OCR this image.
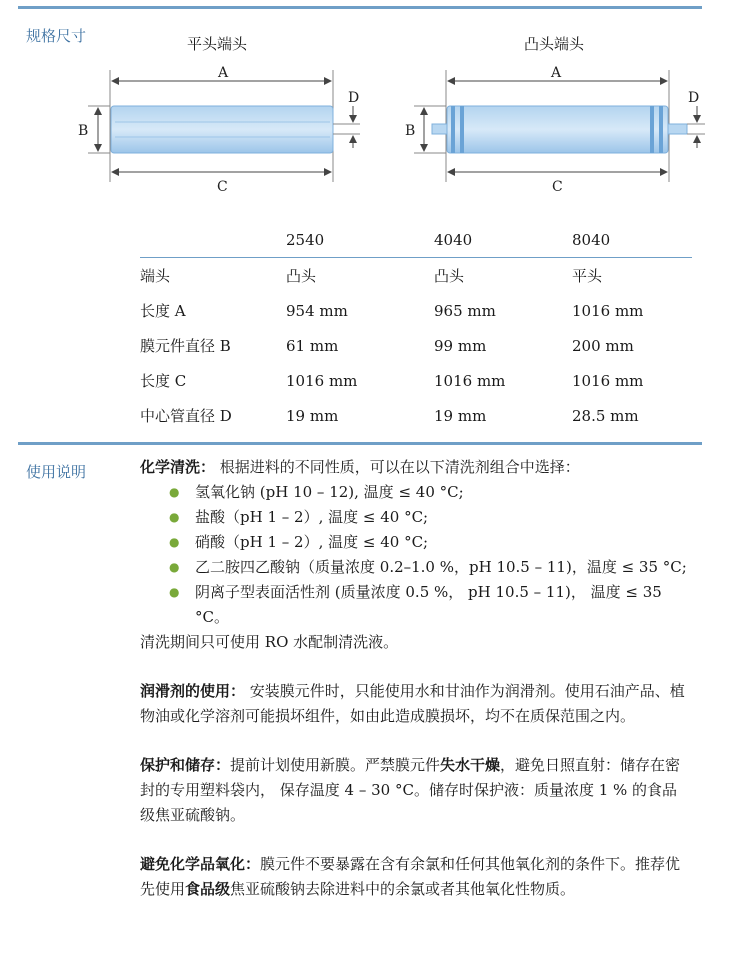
规格尺寸	平头端头	凸头端头
A
B
C
D
A
B
C
D
	2540	4040	8040
端头	凸头	凸头	平头
长度 A	954 mm	965 mm	1016 mm
膜元件直径 B	61 mm	99 mm	200 mm
长度 C	1016 mm	1016 mm	1016 mm
中心管直径 D	19 mm	19 mm	28.5 mm
使用说明	化学清洗： 根据进料的不同性质，可以在以下清洗剂组合中选择：

● 氢氧化钠 (pH 10 – 12), 温度 ≤ 40 °C;
● 盐酸（pH 1 – 2）, 温度 ≤ 40 °C;
● 硝酸（pH 1 – 2）, 温度 ≤ 40 °C;
● 乙二胺四乙酸钠（质量浓度 0.2–1.0 %，pH 10.5 – 11)，温度 ≤ 35 °C;
● 阴离子型表面活性剂 (质量浓度 0.5 %， pH 10.5 – 11)， 温度 ≤ 35 °C。

清洗期间只可使用 RO 水配制清洗液。

润滑剂的使用： 安装膜元件时，只能使用水和甘油作为润滑剂。使用石油产品、植物油或化学溶剂可能损坏组件，如由此造成膜损坏，均不在质保范围之内。

保护和储存：提前计划使用新膜。严禁膜元件失水干燥，避免日照直射：储存在密封的专用塑料袋内， 保存温度 4 – 30 °C。储存时保护液：质量浓度 1 % 的食品级焦亚硫酸钠。

避免化学品氧化：膜元件不要暴露在含有余氯和任何其他氧化剂的条件下。推荐优先使用食品级焦亚硫酸钠去除进料中的余氯或者其他氧化性物质。
